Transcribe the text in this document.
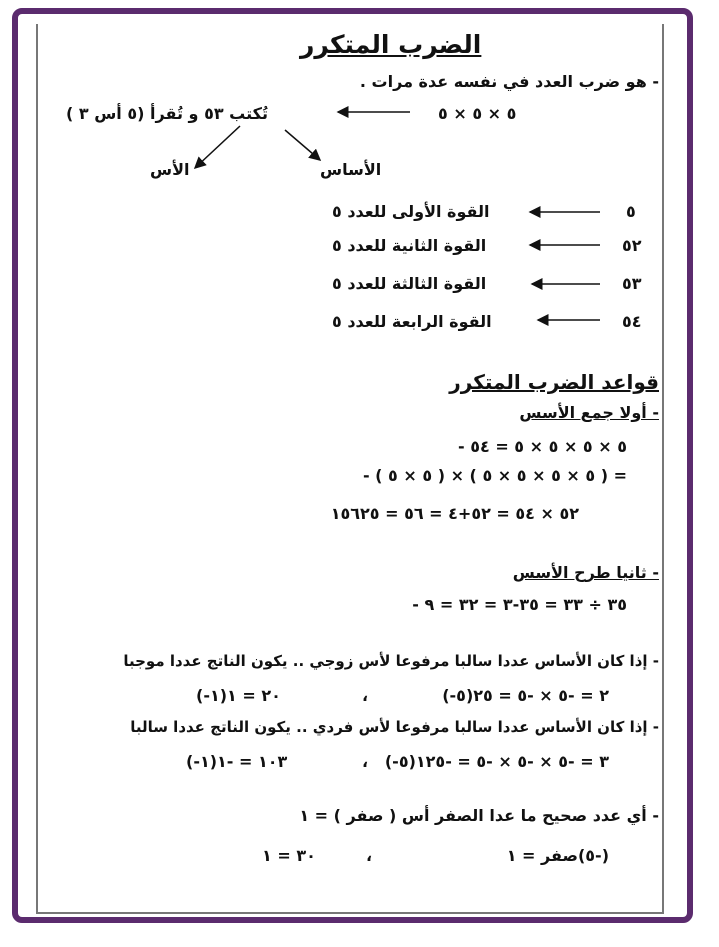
الضرب المتكرر
- هو ضرب العدد في نفسه عدة مرات .
٥ × ٥ × ٥
تُكتب ٥٣ و تُقرأ (٥ أس ٣ )
الأساس
الأس
٥
القوة الأولى للعدد ٥
٥٢
القوة الثانية للعدد ٥
٥٣
القوة الثالثة للعدد ٥
٥٤
القوة الرابعة للعدد ٥
قواعد الضرب المتكرر
- أولا جمع الأسس
- ٥ × ٥ × ٥ × ٥ = ٥٤
- ( ٥ × ٥ ) × ( ٥ × ٥ × ٥ × ٥ ) =
٥٢ × ٥٤ = ٥٢+٤ = ٥٦ = ١٥٦٢٥
- ثانيا طرح الأسس
- ٣٥ ÷ ٣٣ = ٣٥-٣ = ٣٢ = ٩
- إذا كان الأساس عددا سالبا مرفوعا لأس زوجي .. يكون الناتج عددا موجبا
(-٥)٢ = -٥ × -٥ = ٢٥
،
(-١)٢٠ = ١
- إذا كان الأساس عددا سالبا مرفوعا لأس فردي .. يكون الناتج عددا سالبا
(-٥)٣ = -٥ × -٥ × -٥ = -١٢٥
،
(-١)١٠٣ = -١
- أي عدد صحيح ما عدا الصفر أس ( صفر ) = ١
(-٥)صفر = ١
،
٣٠ = ١
